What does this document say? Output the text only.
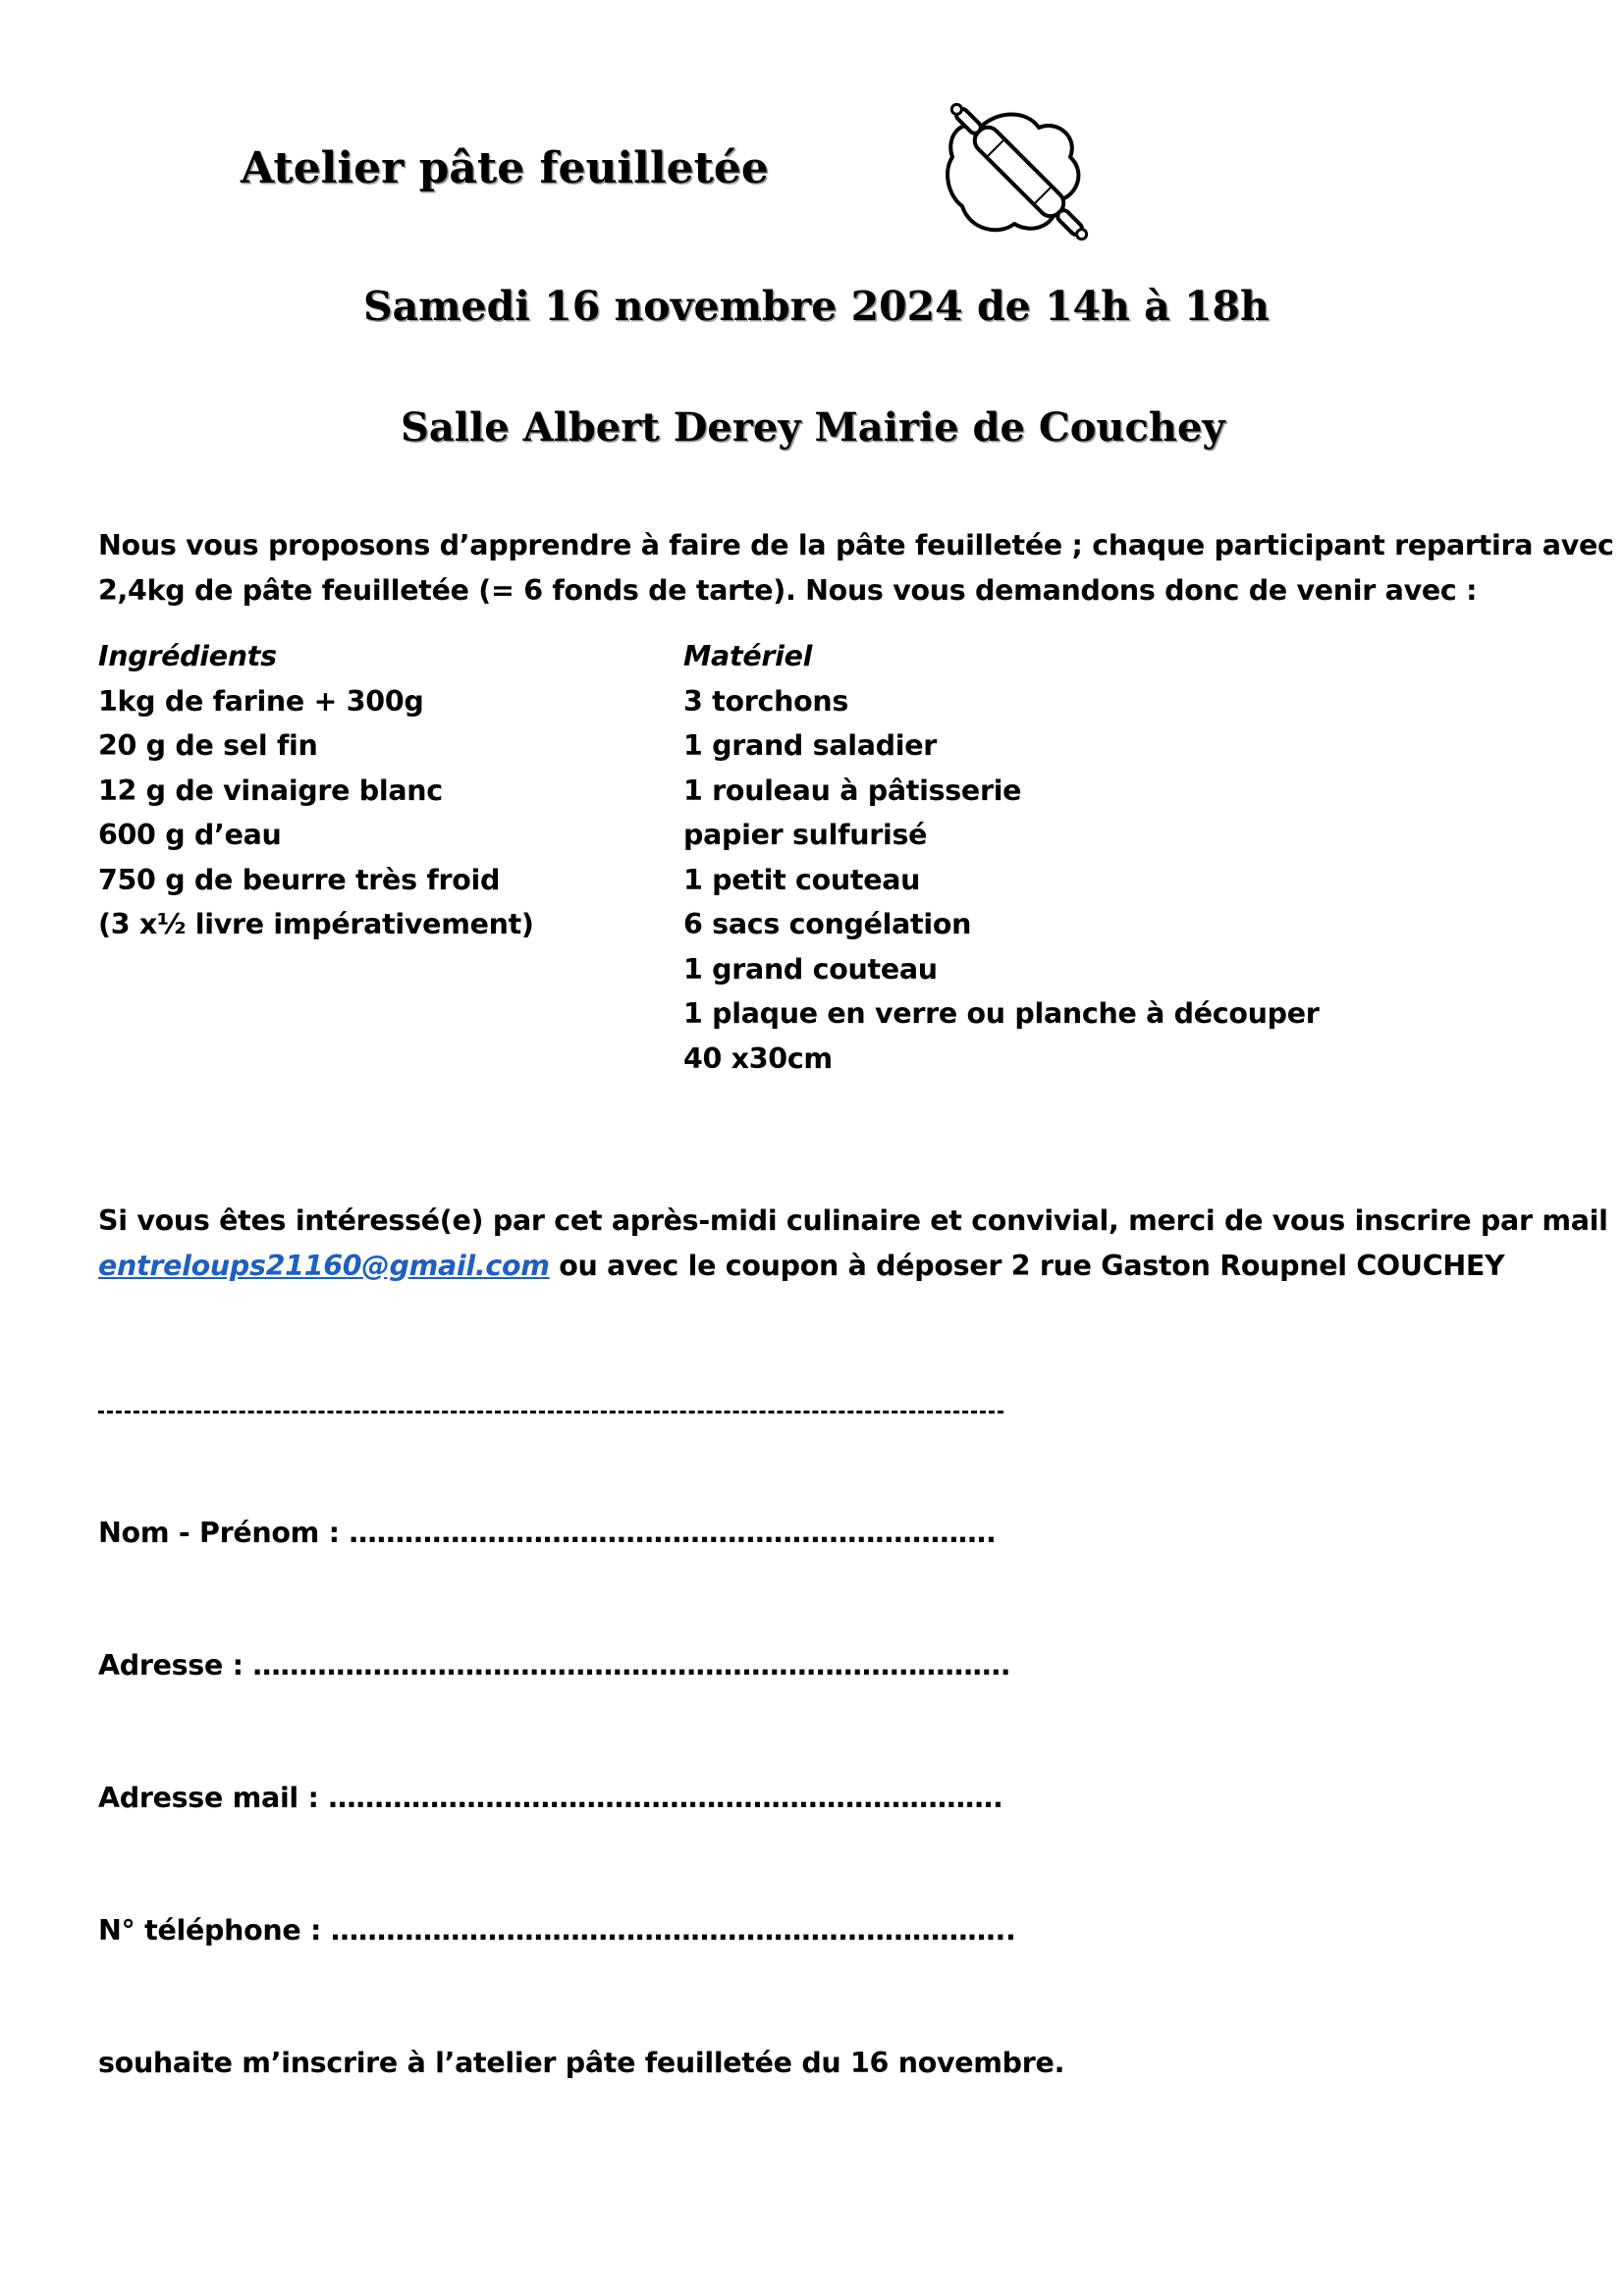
Atelier pâte feuilletée
Samedi 16 novembre 2024 de 14h à 18h
Salle Albert Derey Mairie de Couchey
Nous vous proposons d’apprendre à faire de la pâte feuilletée ; chaque participant repartira avec
2,4kg de pâte feuilletée (= 6 fonds de tarte). Nous vous demandons donc de venir avec :
Ingrédients
1kg de farine + 300g
20 g de sel fin
12 g de vinaigre blanc
600 g d’eau
750 g de beurre très froid
(3 x½ livre impérativement)
Matériel
3 torchons
1 grand saladier
1 rouleau à pâtisserie
papier sulfurisé
1 petit couteau
6 sacs congélation
1 grand couteau
1 plaque en verre ou planche à découper
40 x30cm
Si vous êtes intéressé(e) par cet après-midi culinaire et convivial, merci de vous inscrire par mail
entreloups21160@gmail.com ou avec le coupon à déposer 2 rue Gaston Roupnel COUCHEY
Nom - Prénom : …………………………………………………………….
Adresse : ……………………………………………………………………….
Adresse mail : ……………………………………………………………….
N° téléphone : ………………………………………………………………..
souhaite m’inscrire à l’atelier pâte feuilletée du 16 novembre.
